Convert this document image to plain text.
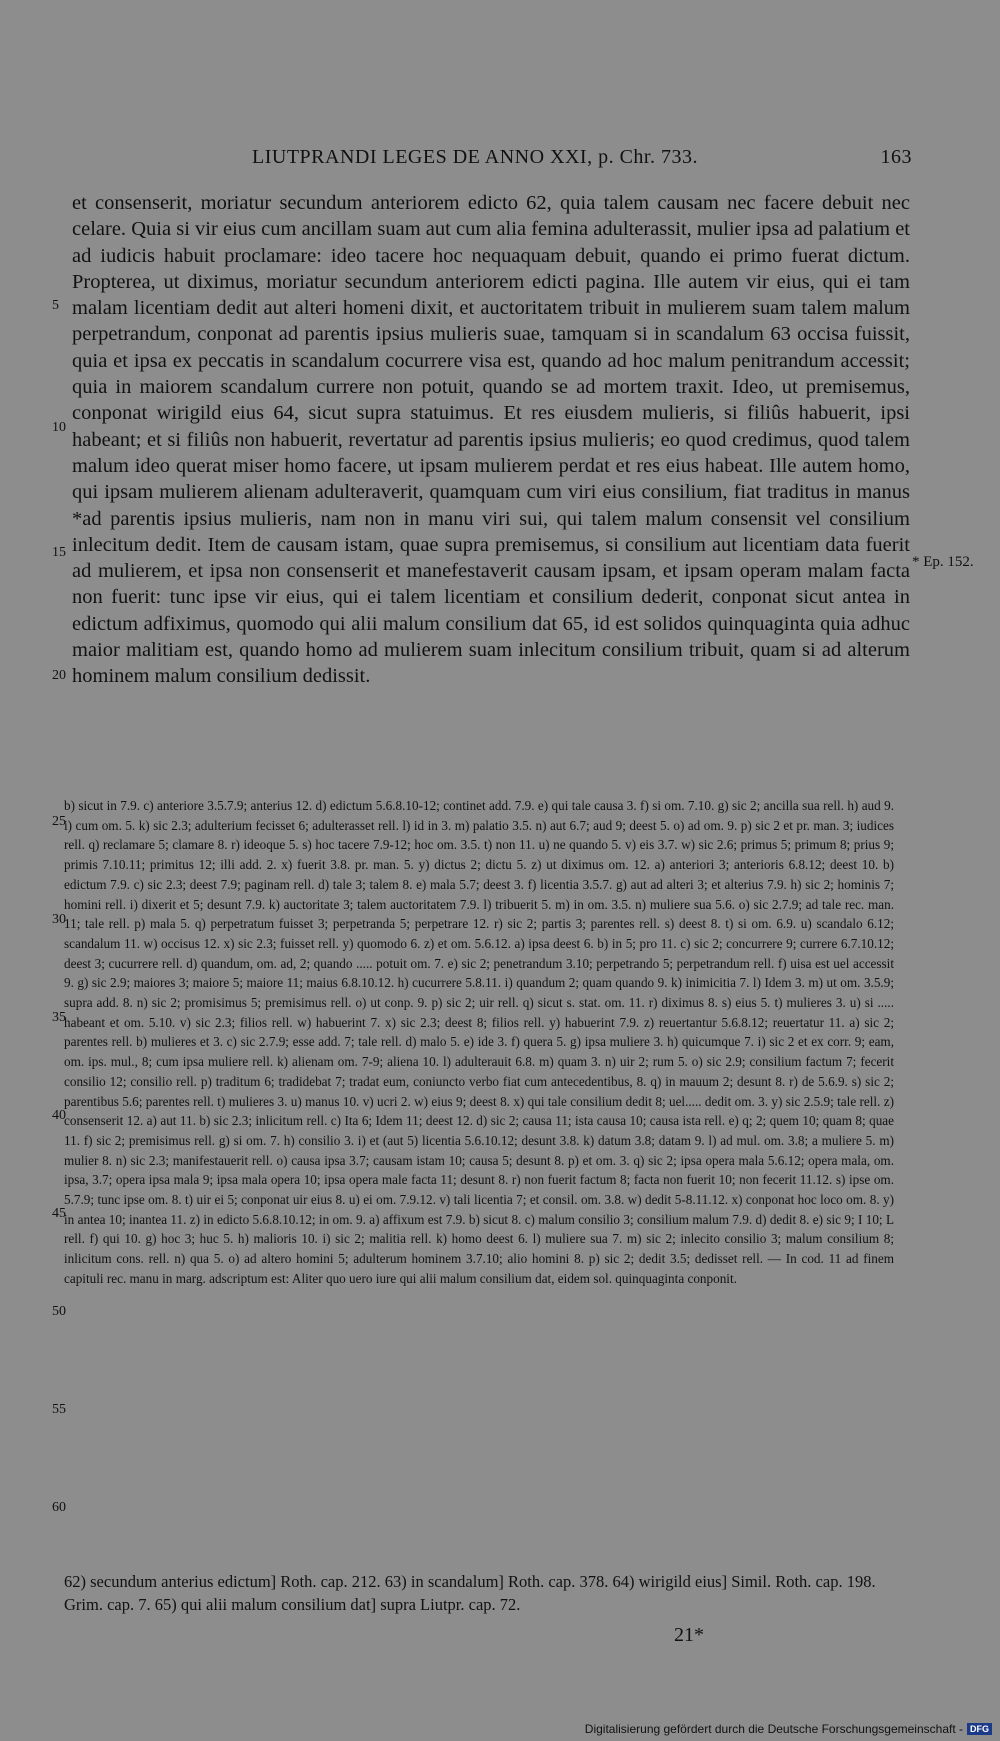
LIUTPRANDI LEGES DE ANNO XXI, p. Chr. 733.	163

et consenserit, moriatur secundum anteriorem edicto 62, quia talem causam nec facere debuit nec celare. Quia si vir eius cum ancillam suam aut cum alia femina adulterassit, mulier ipsa ad palatium et ad iudicis habuit proclamare: ideo tacere hoc nequaquam debuit, quando ei primo fuerat dictum. Propterea, ut diximus, moriatur secundum anteriorem edicti pagina. Ille autem vir eius, qui ei tam malam licentiam dedit aut alteri homeni dixit, et auctoritatem tribuit in mulierem suam talem malum perpetrandum, conponat ad parentis ipsius mulieris suae, tamquam si in scandalum 63 occisa fuissit, quia et ipsa ex peccatis in scandalum cocurrere visa est, quando ad hoc malum penitrandum accessit; quia in maiorem scandalum currere non potuit, quando se ad mortem traxit. Ideo, ut premisemus, conponat wirigild eius 64, sicut supra statuimus. Et res eiusdem mulieris, si filiûs habuerit, ipsi habeant; et si filiûs non habuerit, revertatur ad parentis ipsius mulieris; eo quod credimus, quod talem malum ideo querat miser homo facere, ut ipsam mulierem perdat et res eius habeat. Ille autem homo, qui ipsam mulierem alienam adulteraverit, quamquam cum viri eius consilium, fiat traditus in manus *ad parentis ipsius mulieris, nam non in manu viri sui, qui talem malum consensit vel consilium inlecitum dedit. Item de causam istam, quae supra premisemus, si consilium aut licentiam data fuerit ad mulierem, et ipsa non consenserit et manefestaverit causam ipsam, et ipsam operam malam facta non fuerit: tunc ipse vir eius, qui ei talem licentiam et consilium dederit, conponat sicut antea in edictum adfiximus, quomodo qui alii malum consilium dat 65, id est solidos quinquaginta quia adhuc maior malitiam est, quando homo ad mulierem suam inlecitum consilium tribuit, quam si ad alterum hominem malum consilium dedissit.

5
10
15
20
* Ep. 152.
25
30
35
40
45
50
55
60

b) sicut in 7.9. c) anteriore 3.5.7.9; anterius 12. d) edictum 5.6.8.10-12; continet add. 7.9. e) qui tale causa 3. f) si om. 7.10. g) sic 2; ancilla sua rell. h) aud 9. i) cum om. 5. k) sic 2.3; adulterium fecisset 6; adulterasset rell. l) id in 3. m) palatio 3.5. n) aut 6.7; aud 9; deest 5. o) ad om. 9. p) sic 2 et pr. man. 3; iudices rell. q) reclamare 5; clamare 8. r) ideoque 5. s) hoc tacere 7.9-12; hoc om. 3.5. t) non 11. u) ne quando 5. v) eis 3.7. w) sic 2.6; primus 5; primum 8; prius 9; primis 7.10.11; primitus 12; illi add. 2. x) fuerit 3.8. pr. man. 5. y) dictus 2; dictu 5. z) ut diximus om. 12. a) anteriori 3; anterioris 6.8.12; deest 10. b) edictum 7.9. c) sic 2.3; deest 7.9; paginam rell. d) tale 3; talem 8. e) mala 5.7; deest 3. f) licentia 3.5.7. g) aut ad alteri 3; et alterius 7.9. h) sic 2; hominis 7; homini rell. i) dixerit et 5; desunt 7.9. k) auctoritate 3; talem auctoritatem 7.9. l) tribuerit 5. m) in om. 3.5. n) muliere sua 5.6. o) sic 2.7.9; ad tale rec. man. 11; tale rell. p) mala 5. q) perpetratum fuisset 3; perpetranda 5; perpetrare 12. r) sic 2; partis 3; parentes rell. s) deest 8. t) si om. 6.9. u) scandalo 6.12; scandalum 11. w) occisus 12. x) sic 2.3; fuisset rell. y) quomodo 6. z) et om. 5.6.12. a) ipsa deest 6. b) in 5; pro 11. c) sic 2; concurrere 9; currere 6.7.10.12; deest 3; cucurrere rell. d) quandum, om. ad, 2; quando ..... potuit om. 7. e) sic 2; penetrandum 3.10; perpetrando 5; perpetrandum rell. f) uisa est uel accessit 9. g) sic 2.9; maiores 3; maiore 5; maiore 11; maius 6.8.10.12. h) cucurrere 5.8.11. i) quandum 2; quam quando 9. k) inimicitia 7. l) Idem 3. m) ut om. 3.5.9; supra add. 8. n) sic 2; promisimus 5; premisimus rell. o) ut conp. 9. p) sic 2; uir rell. q) sicut s. stat. om. 11. r) diximus 8. s) eius 5. t) mulieres 3. u) si ..... habeant et om. 5.10. v) sic 2.3; filios rell. w) habuerint 7. x) sic 2.3; deest 8; filios rell. y) habuerint 7.9. z) reuertantur 5.6.8.12; reuertatur 11. a) sic 2; parentes rell. b) mulieres et 3. c) sic 2.7.9; esse add. 7; tale rell. d) malo 5. e) ide 3. f) quera 5. g) ipsa muliere 3. h) quicumque 7. i) sic 2 et ex corr. 9; eam, om. ips. mul., 8; cum ipsa muliere rell. k) alienam om. 7-9; aliena 10. l) adulterauit 6.8. m) quam 3. n) uir 2; rum 5. o) sic 2.9; consilium factum 7; fecerit consilio 12; consilio rell. p) traditum 6; tradidebat 7; tradat eum, coniuncto verbo fiat cum antecedentibus, 8. q) in mauum 2; desunt 8. r) de 5.6.9. s) sic 2; parentibus 5.6; parentes rell. t) mulieres 3. u) manus 10. v) ucri 2. w) eius 9; deest 8. x) qui tale consilium dedit 8; uel..... dedit om. 3. y) sic 2.5.9; tale rell. z) consenserit 12. a) aut 11. b) sic 2.3; inlicitum rell. c) Ita 6; Idem 11; deest 12. d) sic 2; causa 11; ista causa 10; causa ista rell. e) q; 2; quem 10; quam 8; quae 11. f) sic 2; premisimus rell. g) si om. 7. h) consilio 3. i) et (aut 5) licentia 5.6.10.12; desunt 3.8. k) datum 3.8; datam 9. l) ad mul. om. 3.8; a muliere 5. m) mulier 8. n) sic 2.3; manifestauerit rell. o) causa ipsa 3.7; causam istam 10; causa 5; desunt 8. p) et om. 3. q) sic 2; ipsa opera mala 5.6.12; opera mala, om. ipsa, 3.7; opera ipsa mala 9; ipsa mala opera 10; ipsa opera male facta 11; desunt 8. r) non fuerit factum 8; facta non fuerit 10; non fecerit 11.12. s) ipse om. 5.7.9; tunc ipse om. 8. t) uir ei 5; conponat uir eius 8. u) ei om. 7.9.12. v) tali licentia 7; et consil. om. 3.8. w) dedit 5-8.11.12. x) conponat hoc loco om. 8. y) in antea 10; inantea 11. z) in edicto 5.6.8.10.12; in om. 9. a) affixum est 7.9. b) sicut 8. c) malum consilio 3; consilium malum 7.9. d) dedit 8. e) sic 9; I 10; L rell. f) qui 10. g) hoc 3; huc 5. h) malioris 10. i) sic 2; malitia rell. k) homo deest 6. l) muliere sua 7. m) sic 2; inlecito consilio 3; malum consilium 8; inlicitum cons. rell. n) qua 5. o) ad altero homini 5; adulterum hominem 3.7.10; alio homini 8. p) sic 2; dedit 3.5; dedisset rell. — In cod. 11 ad finem capituli rec. manu in marg. adscriptum est: Aliter quo uero iure qui alii malum consilium dat, eidem sol. quinquaginta conponit.

62) secundum anterius edictum] Roth. cap. 212. 63) in scandalum] Roth. cap. 378. 64) wirigild eius] Simil. Roth. cap. 198. Grim. cap. 7. 65) qui alii malum consilium dat] supra Liutpr. cap. 72.

21*
Digitalisierung gefördert durch die Deutsche Forschungsgemeinschaft - DFG
